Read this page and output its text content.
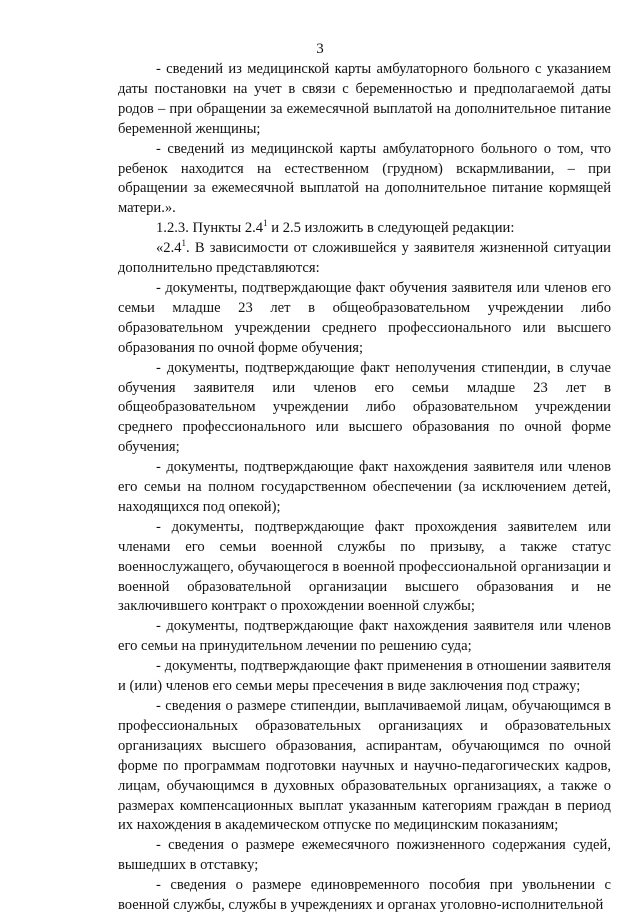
3

- сведений из медицинской карты амбулаторного больного с указанием даты постановки на учет в связи с беременностью и предполагаемой даты родов – при обращении за ежемесячной выплатой на дополнительное питание беременной женщины;

- сведений из медицинской карты амбулаторного больного о том, что ребенок находится на естественном (грудном) вскармливании, – при обращении за ежемесячной выплатой на дополнительное питание кормящей матери.».

1.2.3. Пункты $2.4^1$ и 2.5 изложить в следующей редакции:

«$2.4^1$. В зависимости от сложившейся у заявителя жизненной ситуации дополнительно представляются:

- документы, подтверждающие факт обучения заявителя или членов его семьи младше 23 лет в общеобразовательном учреждении либо образовательном учреждении среднего профессионального или высшего образования по очной форме обучения;

- документы, подтверждающие факт неполучения стипендии, в случае обучения заявителя или членов его семьи младше 23 лет в общеобразовательном учреждении либо образовательном учреждении среднего профессионального или высшего образования по очной форме обучения;

- документы, подтверждающие факт нахождения заявителя или членов его семьи на полном государственном обеспечении (за исключением детей, находящихся под опекой);

- документы, подтверждающие факт прохождения заявителем или членами его семьи военной службы по призыву, а также статус военнослужащего, обучающегося в военной профессиональной организации и военной образовательной организации высшего образования и не заключившего контракт о прохождении военной службы;

- документы, подтверждающие факт нахождения заявителя или членов его семьи на принудительном лечении по решению суда;

- документы, подтверждающие факт применения в отношении заявителя и (или) членов его семьи меры пресечения в виде заключения под стражу;

- сведения о размере стипендии, выплачиваемой лицам, обучающимся в профессиональных образовательных организациях и образовательных организациях высшего образования, аспирантам, обучающимся по очной форме по программам подготовки научных и научно-педагогических кадров, лицам, обучающимся в духовных образовательных организациях, а также о размерах компенсационных выплат указанным категориям граждан в период их нахождения в академическом отпуске по медицинским показаниям;

- сведения о размере ежемесячного пожизненного содержания судей, вышедших в отставку;

- сведения о размере единовременного пособия при увольнении с военной службы, службы в учреждениях и органах уголовно-исполнительной
